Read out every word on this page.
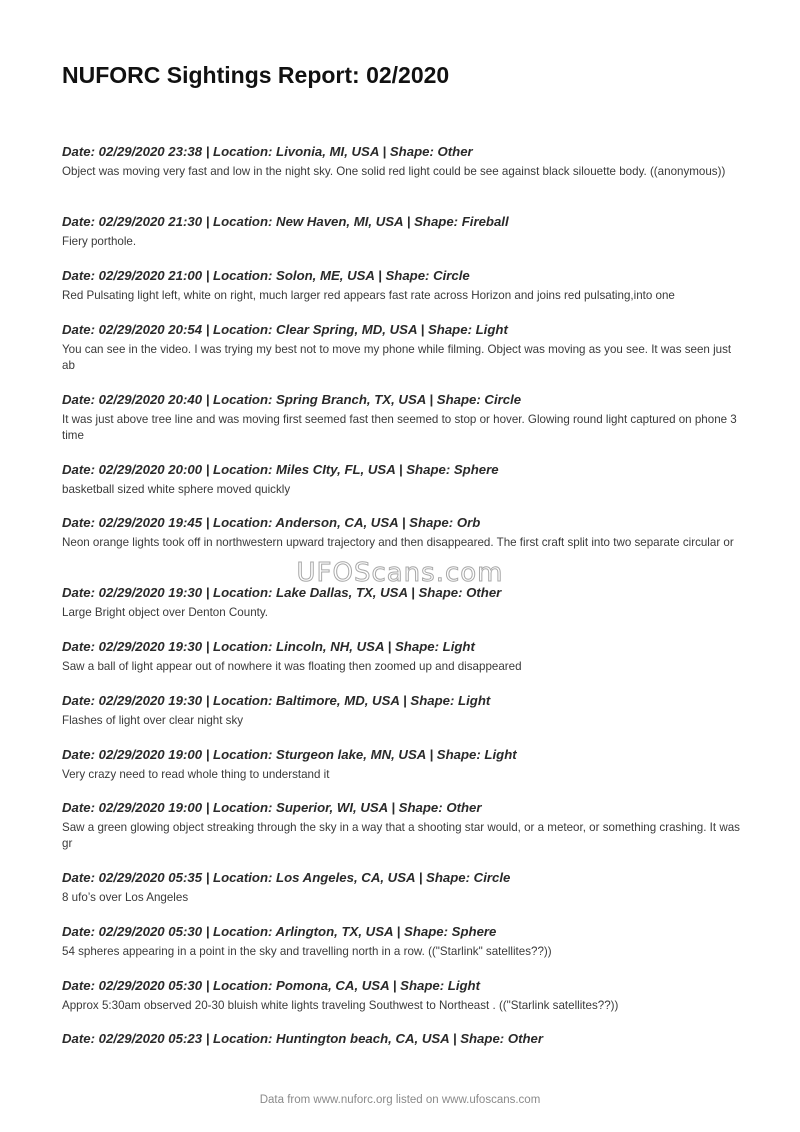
NUFORC Sightings Report: 02/2020
Date: 02/29/2020 23:38 | Location: Livonia, MI, USA | Shape: Other
Object was moving very fast and low in the night sky. One solid red light could be see against black silouette body. ((anonymous))
Date: 02/29/2020 21:30 | Location: New Haven, MI, USA | Shape: Fireball
Fiery porthole.
Date: 02/29/2020 21:00 | Location: Solon, ME, USA | Shape: Circle
Red Pulsating light left, white on right, much larger red appears fast rate across Horizon and joins red pulsating,into one
Date: 02/29/2020 20:54 | Location: Clear Spring, MD, USA | Shape: Light
You can see in the video. I was trying my best not to move my phone while filming. Object was moving as you see. It was seen just ab
Date: 02/29/2020 20:40 | Location: Spring Branch, TX, USA | Shape: Circle
It was just above tree line and was moving first seemed fast then seemed to stop or hover. Glowing round light captured on phone 3 time
Date: 02/29/2020 20:00 | Location: Miles CIty, FL, USA | Shape: Sphere
basketball sized white sphere moved quickly
Date: 02/29/2020 19:45 | Location: Anderson, CA, USA | Shape: Orb
Neon orange lights took off in northwestern upward trajectory and then disappeared. The first craft split into two separate circular or
Date: 02/29/2020 19:30 | Location: Lake Dallas, TX, USA | Shape: Other
Large Bright object over Denton County.
Date: 02/29/2020 19:30 | Location: Lincoln, NH, USA | Shape: Light
Saw a ball of light appear out of nowhere it was floating then zoomed up and disappeared
Date: 02/29/2020 19:30 | Location: Baltimore, MD, USA | Shape: Light
Flashes of light over clear night sky
Date: 02/29/2020 19:00 | Location: Sturgeon lake, MN, USA | Shape: Light
Very crazy need to read whole thing to understand it
Date: 02/29/2020 19:00 | Location: Superior, WI, USA | Shape: Other
Saw a green glowing object streaking through the sky in a way that a shooting star would, or a meteor, or something crashing. It was gr
Date: 02/29/2020 05:35 | Location: Los Angeles, CA, USA | Shape: Circle
8 ufo’s over Los Angeles
Date: 02/29/2020 05:30 | Location: Arlington, TX, USA | Shape: Sphere
54 spheres appearing in a point in the sky and travelling north in a row. (("Starlink" satellites??))
Date: 02/29/2020 05:30 | Location: Pomona, CA, USA | Shape: Light
Approx 5:30am observed 20-30 bluish white lights traveling Southwest to Northeast . (("Starlink satellites??))
Date: 02/29/2020 05:23 | Location: Huntington beach, CA, USA | Shape: Other
UFOScans.com
Data from www.nuforc.org listed on www.ufoscans.com
